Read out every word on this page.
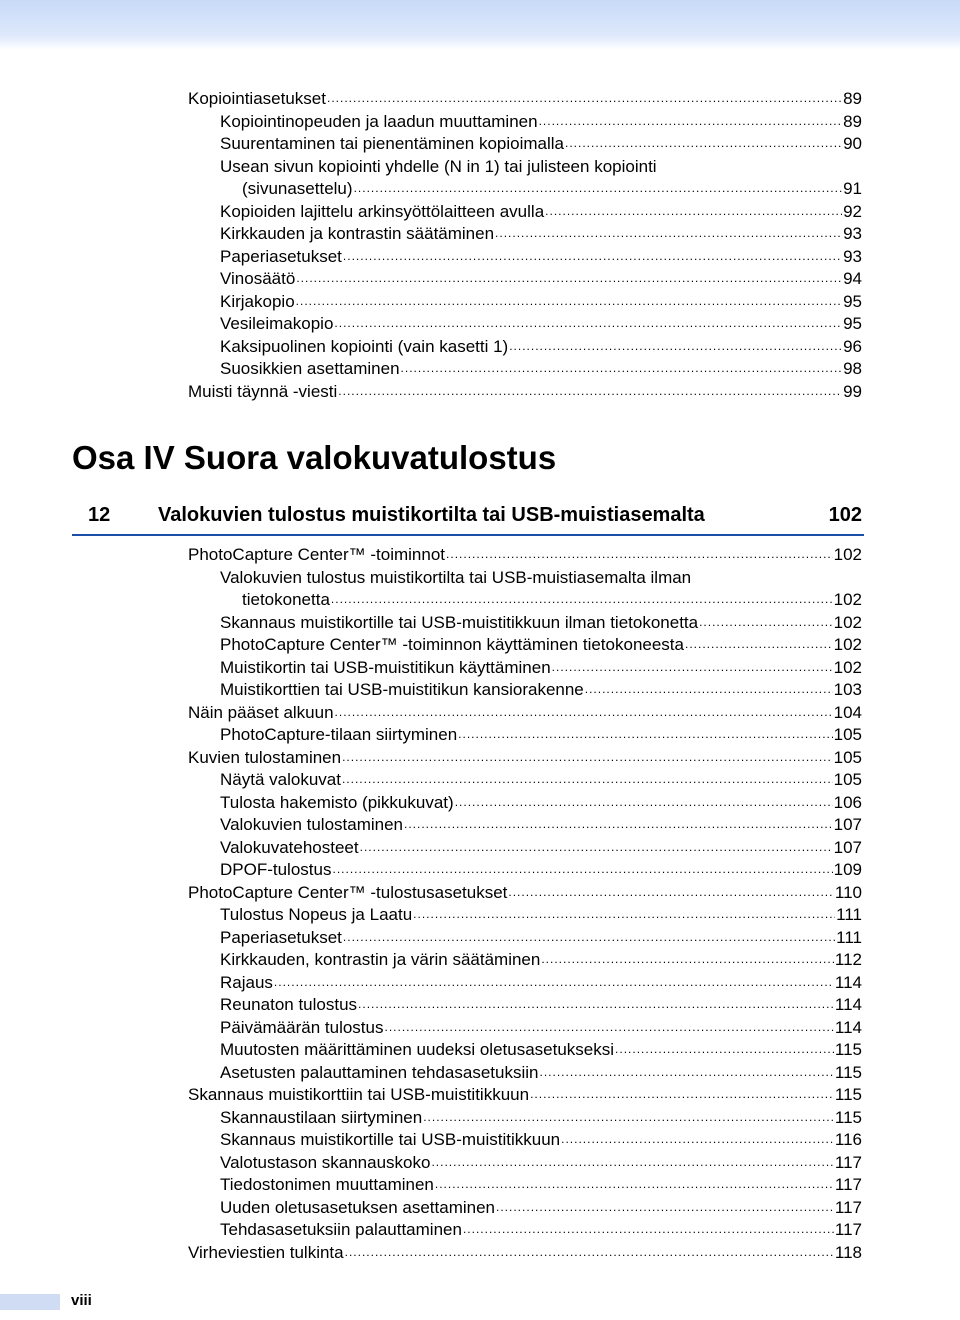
Kopiointiasetukset .....	89
Kopiointinopeuden ja laadun muuttaminen .....	89
Suurentaminen tai pienentäminen kopioimalla .....	90
Usean sivun kopiointi yhdelle (N in 1) tai julisteen kopiointi
(sivunasettelu) .....	91
Kopioiden lajittelu arkinsyöttölaitteen avulla .....	92
Kirkkauden ja kontrastin säätäminen .....	93
Paperiasetukset .....	93
Vinosäätö .....	94
Kirjakopio .....	95
Vesileimakopio .....	95
Kaksipuolinen kopiointi (vain kasetti 1) .....	96
Suosikkien asettaminen .....	98
Muisti täynnä -viesti .....	99
Osa IV Suora valokuvatulostus
12 Valokuvien tulostus muistikortilta tai USB-muistiasemalta	102
PhotoCapture Center™ -toiminnot .....	102
Valokuvien tulostus muistikortilta tai USB-muistiasemalta ilman
tietokonetta .....	102
Skannaus muistikortille tai USB-muistitikkuun ilman tietokonetta .....	102
PhotoCapture Center™ -toiminnon käyttäminen tietokoneesta .....	102
Muistikortin tai USB-muistitikun käyttäminen .....	102
Muistikorttien tai USB-muistitikun kansiorakenne .....	103
Näin pääset alkuun .....	104
PhotoCapture-tilaan siirtyminen .....	105
Kuvien tulostaminen .....	105
Näytä valokuvat .....	105
Tulosta hakemisto (pikkukuvat) .....	106
Valokuvien tulostaminen .....	107
Valokuvatehosteet .....	107
DPOF-tulostus .....	109
PhotoCapture Center™ -tulostusasetukset .....	110
Tulostus Nopeus ja Laatu .....	111
Paperiasetukset .....	111
Kirkkauden, kontrastin ja värin säätäminen .....	112
Rajaus .....	114
Reunaton tulostus .....	114
Päivämäärän tulostus .....	114
Muutosten määrittäminen uudeksi oletusasetukseksi .....	115
Asetusten palauttaminen tehdasasetuksiin .....	115
Skannaus muistikorttiin tai USB-muistitikkuun .....	115
Skannaustilaan siirtyminen .....	115
Skannaus muistikortille tai USB-muistitikkuun .....	116
Valotustason skannauskoko .....	117
Tiedostonimen muuttaminen .....	117
Uuden oletusasetuksen asettaminen .....	117
Tehdasasetuksiin palauttaminen .....	117
Virheviestien tulkinta .....	118
viii
